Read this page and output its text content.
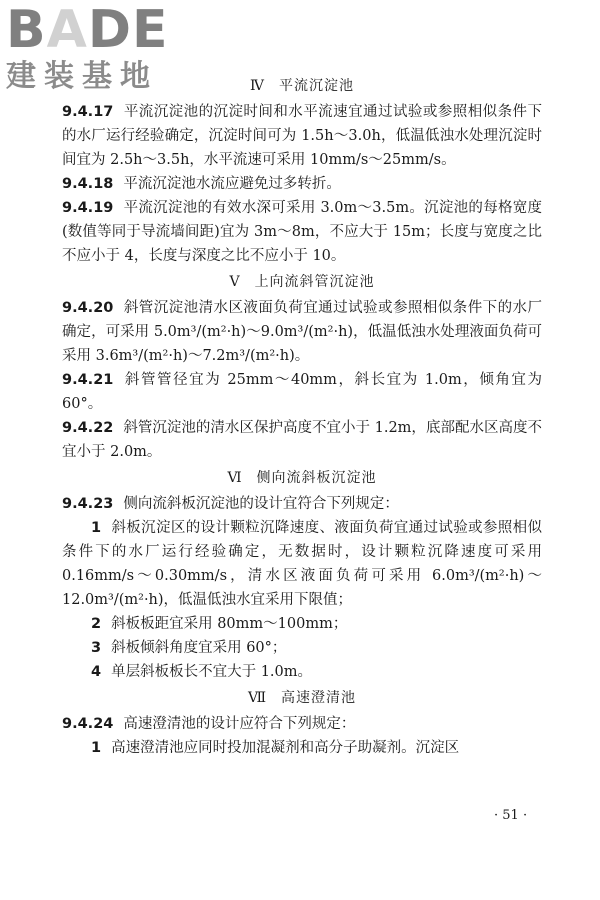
BADE
建装基地	Ⅳ 平流沉淀池

9.4.17 平流沉淀池的沉淀时间和水平流速宜通过试验或参照相似条件下的水厂运行经验确定，沉淀时间可为 1.5h～3.0h，低温低浊水处理沉淀时间宜为 2.5h～3.5h，水平流速可采用 10mm/s～25mm/s。

9.4.18 平流沉淀池水流应避免过多转折。

9.4.19 平流沉淀池的有效水深可采用 3.0m～3.5m。沉淀池的每格宽度(数值等同于导流墙间距)宜为 3m～8m，不应大于 15m；长度与宽度之比不应小于 4，长度与深度之比不应小于 10。

Ⅴ 上向流斜管沉淀池

9.4.20 斜管沉淀池清水区液面负荷宜通过试验或参照相似条件下的水厂确定，可采用 5.0m³/(m²·h)～9.0m³/(m²·h)，低温低浊水处理液面负荷可采用 3.6m³/(m²·h)～7.2m³/(m²·h)。

9.4.21 斜管管径宜为 25mm～40mm，斜长宜为 1.0m，倾角宜为 60°。

9.4.22 斜管沉淀池的清水区保护高度不宜小于 1.2m，底部配水区高度不宜小于 2.0m。

Ⅵ 侧向流斜板沉淀池

9.4.23 侧向流斜板沉淀池的设计宜符合下列规定：

1 斜板沉淀区的设计颗粒沉降速度、液面负荷宜通过试验或参照相似条件下的水厂运行经验确定，无数据时，设计颗粒沉降速度可采用 0.16mm/s～0.30mm/s，清水区液面负荷可采用 6.0m³/(m²·h)～12.0m³/(m²·h)，低温低浊水宜采用下限值；

2 斜板板距宜采用 80mm～100mm；

3 斜板倾斜角度宜采用 60°；

4 单层斜板板长不宜大于 1.0m。

Ⅶ 高速澄清池

9.4.24 高速澄清池的设计应符合下列规定：

1 高速澄清池应同时投加混凝剂和高分子助凝剂。沉淀区

· 51 ·
